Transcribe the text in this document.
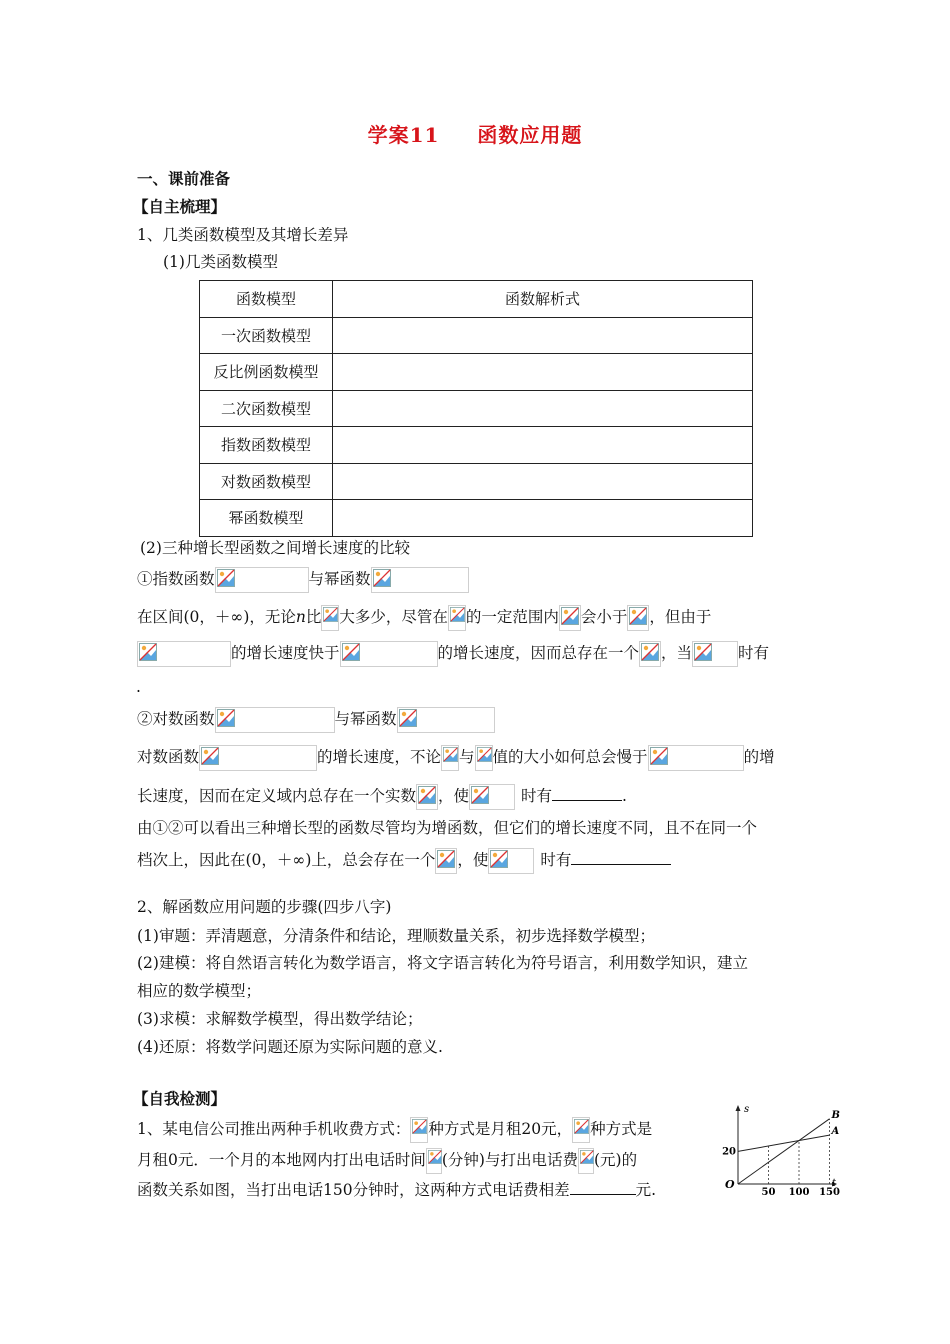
学案11 函数应用题
一、课前准备
【自主梳理】
1、几类函数模型及其增长差异
(1)几类函数模型
函数模型	函数解析式
一次函数模型	
反比例函数模型	
二次函数模型	
指数函数模型	
对数函数模型	
幂函数模型	
(2)三种增长型函数之间增长速度的比较
①指数函数	与幂函数
在区间(0，＋∞)，无论n比 大多少，尽管在 的一定范围内 会小于 ，但由于
的增长速度快于	的增长速度，因而总存在一个 ，当	时有
.
②对数函数	与幂函数
对数函数	的增长速度，不论 与 值的大小如何总会慢于	的增
长速度，因而在定义域内总存在一个实数 ，使	时有	.
由①②可以看出三种增长型的函数尽管均为增函数，但它们的增长速度不同，且不在同一个
档次上，因此在(0，＋∞)上，总会存在一个 ，使	时有
2、解函数应用问题的步骤(四步八字)
(1)审题：弄清题意，分清条件和结论，理顺数量关系，初步选择数学模型；
(2)建模：将自然语言转化为数学语言，将文字语言转化为符号语言，利用数学知识，建立
相应的数学模型；
(3)求模：求解数学模型，得出数学结论；
(4)还原：将数学问题还原为实际问题的意义.
【自我检测】
1、某电信公司推出两种手机收费方式： 种方式是月租20元， 种方式是
月租0元．一个月的本地网内打出电话时间 (分钟)与打出电话费 (元)的
函数关系如图，当打出电话150分钟时，这两种方式电话费相差	元.
s
t
O
50 100 150
20
A
B
